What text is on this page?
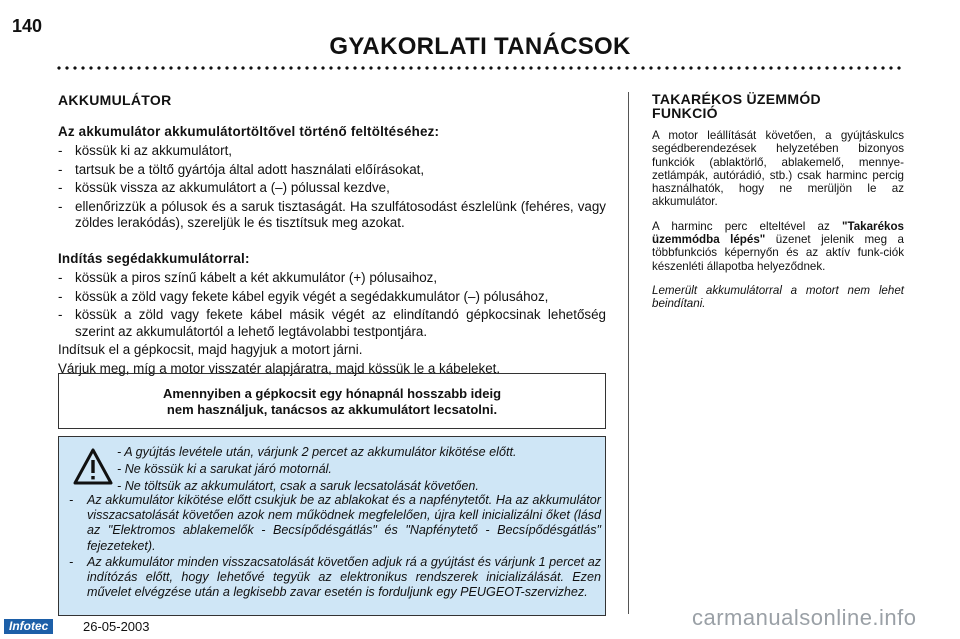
140
GYAKORLATI TANÁCSOK
AKKUMULÁTOR
Az akkumulátor akkumulátortöltővel történő feltöltéséhez:
- kössük ki az akkumulátort,
- tartsuk be a töltő gyártója által adott használati előírásokat,
- kössük vissza az akkumulátort a (–) pólussal kezdve,
- ellenőrizzük a pólusok és a saruk tisztaságát. Ha szulfátosodást észlelünk (fehéres, vagy zöldes lerakódás), szereljük le és tisztítsuk meg azokat.
Indítás segédakkumulátorral:
- kössük a piros színű kábelt a két akkumulátor (+) pólusaihoz,
- kössük a zöld vagy fekete kábel egyik végét a segédakkumulátor (–) pólusához,
- kössük a zöld vagy fekete kábel másik végét az elindítandó gépkocsinak lehetőség szerint az akkumulátortól a lehető legtávolabbi testpontjára.
Indítsuk el a gépkocsit, majd hagyjuk a motort járni.
Várjuk meg, míg a motor visszatér alapjáratra, majd kössük le a kábeleket.
Amennyiben a gépkocsit egy hónapnál hosszabb ideig
nem használjuk, tanácsos az akkumulátort lecsatolni.
- A gyújtás levétele után, várjunk 2 percet az akkumulátor kikötése előtt.
- Ne kössük ki a sarukat járó motornál.
- Ne töltsük az akkumulátort, csak a saruk lecsatolását követően.
- Az akkumulátor kikötése előtt csukjuk be az ablakokat és a napfénytetőt. Ha az akkumulátor visszacsatolását követően azok nem működnek megfelelően, újra kell inicializálni őket (lásd az "Elektromos ablakemelők - Becsípődésgátlás" és "Napfénytető - Becsípődésgátlás" fejezeteket).
- Az akkumulátor minden visszacsatolását követően adjuk rá a gyújtást és várjunk 1 percet az indítózás előtt, hogy lehetővé tegyük az elektronikus rendszerek inicializálását. Ezen művelet elvégzése után a legkisebb zavar esetén is forduljunk egy PEUGEOT-szervizhez.
TAKARÉKOS ÜZEMMÓD
FUNKCIÓ

A motor leállítását követően, a gyújtáskulcs segédberendezések helyzetében bizonyos funkciók (ablaktörlő, ablakemelő, mennye-zetlámpák, autórádió, stb.) csak harminc percig használhatók, hogy ne merüljön le az akkumulátor.

A harminc perc elteltével az "Takarékos üzemmódba lépés" üzenet jelenik meg a többfunkciós képernyőn és az aktív funk-ciók készenléti állapotba helyeződnek.

Lemerült akkumulátorral a motort nem lehet beindítani.

Infotec	26-05-2003	carmanualsonline.info
